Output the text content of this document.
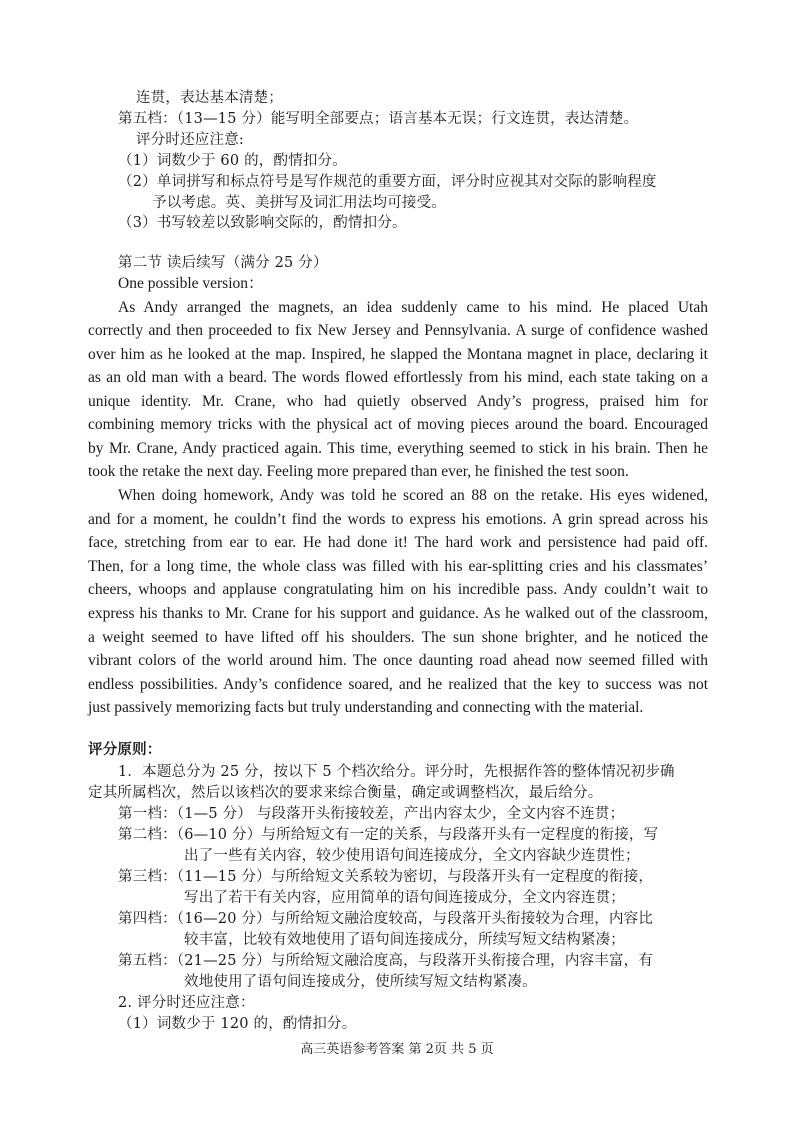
连贯，表达基本清楚；
第五档：（13—15 分）能写明全部要点；语言基本无误；行文连贯，表达清楚。
评分时还应注意:
（1）词数少于 60 的，酌情扣分。
（2）单词拼写和标点符号是写作规范的重要方面，评分时应视其对交际的影响程度
予以考虑。英、美拼写及词汇用法均可接受。
（3）书写较差以致影响交际的，酌情扣分。
第二节 读后续写（满分 25 分）
One possible version：
As Andy arranged the magnets, an idea suddenly came to his mind. He placed Utah
correctly and then proceeded to fix New Jersey and Pennsylvania. A surge of confidence washed
over him as he looked at the map. Inspired, he slapped the Montana magnet in place, declaring it
as an old man with a beard. The words flowed effortlessly from his mind, each state taking on a
unique identity. Mr. Crane, who had quietly observed Andy’s progress, praised him for
combining memory tricks with the physical act of moving pieces around the board. Encouraged
by Mr. Crane, Andy practiced again. This time, everything seemed to stick in his brain. Then he
took the retake the next day. Feeling more prepared than ever, he finished the test soon.
When doing homework, Andy was told he scored an 88 on the retake. His eyes widened,
and for a moment, he couldn’t find the words to express his emotions. A grin spread across his
face, stretching from ear to ear. He had done it! The hard work and persistence had paid off.
Then, for a long time, the whole class was filled with his ear-splitting cries and his classmates’
cheers, whoops and applause congratulating him on his incredible pass. Andy couldn’t wait to
express his thanks to Mr. Crane for his support and guidance. As he walked out of the classroom,
a weight seemed to have lifted off his shoulders. The sun shone brighter, and he noticed the
vibrant colors of the world around him. The once daunting road ahead now seemed filled with
endless possibilities. Andy’s confidence soared, and he realized that the key to success was not
just passively memorizing facts but truly understanding and connecting with the material.
评分原则：
1．本题总分为 25 分，按以下 5 个档次给分。评分时，先根据作答的整体情况初步确
定其所属档次，然后以该档次的要求来综合衡量，确定或调整档次，最后给分。
第一档：（1—5 分） 与段落开头衔接较差，产出内容太少，全文内容不连贯；
第二档：（6—10 分）与所给短文有一定的关系，与段落开头有一定程度的衔接，写
出了一些有关内容，较少使用语句间连接成分，全文内容缺少连贯性；
第三档：（11—15 分）与所给短文关系较为密切，与段落开头有一定程度的衔接，
写出了若干有关内容，应用简单的语句间连接成分，全文内容连贯；
第四档：（16—20 分）与所给短文融洽度较高，与段落开头衔接较为合理，内容比
较丰富，比较有效地使用了语句间连接成分，所续写短文结构紧凑；
第五档：（21—25 分）与所给短文融洽度高，与段落开头衔接合理，内容丰富，有
效地使用了语句间连接成分，使所续写短文结构紧凑。
2. 评分时还应注意：
（1）词数少于 120 的，酌情扣分。
高三英语参考答案 第 2页 共 5 页
